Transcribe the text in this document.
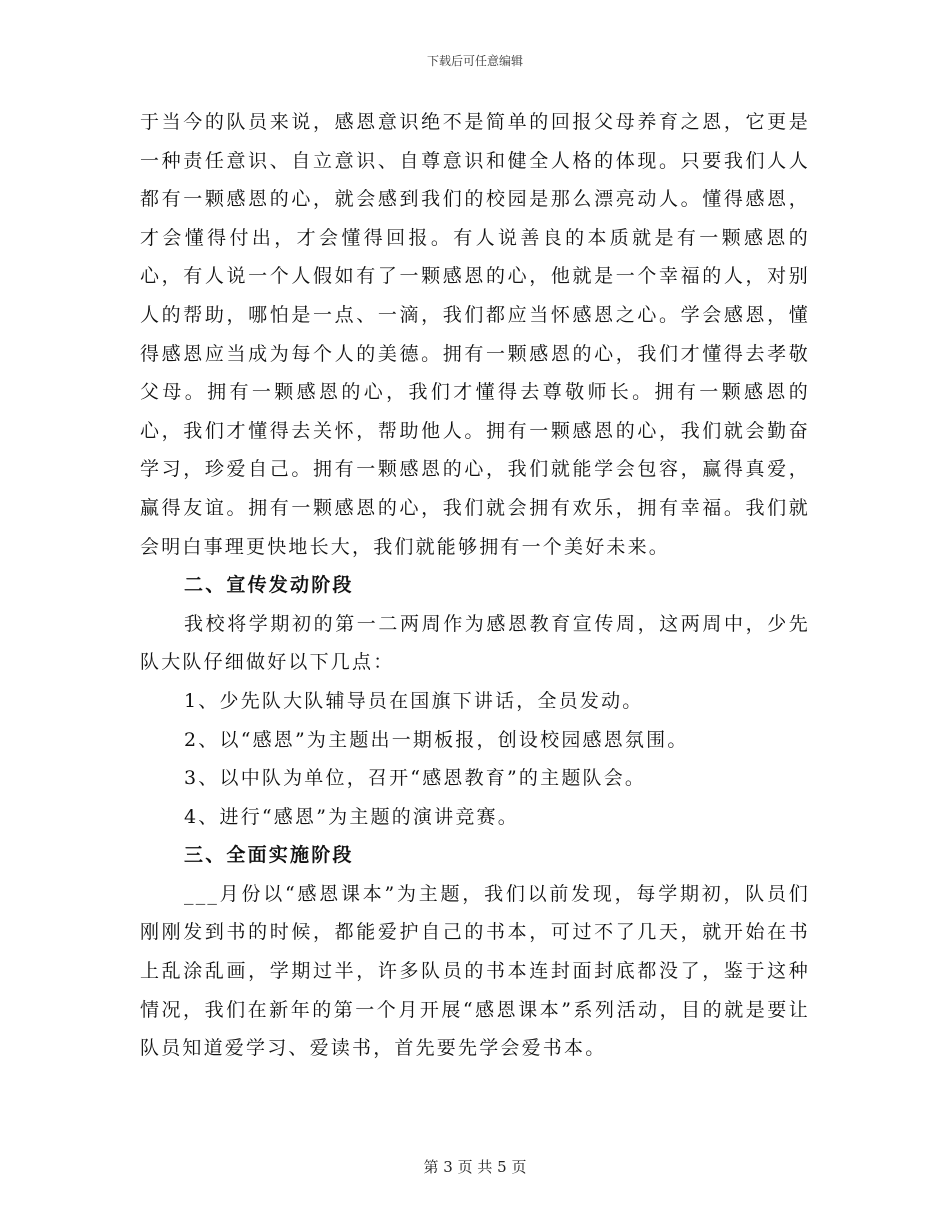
下载后可任意编辑

于当今的队员来说，感恩意识绝不是简单的回报父母养育之恩，它更是一种责任意识、自立意识、自尊意识和健全人格的体现。只要我们人人都有一颗感恩的心，就会感到我们的校园是那么漂亮动人。懂得感恩，才会懂得付出，才会懂得回报。有人说善良的本质就是有一颗感恩的心，有人说一个人假如有了一颗感恩的心，他就是一个幸福的人，对别人的帮助，哪怕是一点、一滴，我们都应当怀感恩之心。学会感恩，懂得感恩应当成为每个人的美德。拥有一颗感恩的心，我们才懂得去孝敬父母。拥有一颗感恩的心，我们才懂得去尊敬师长。拥有一颗感恩的心，我们才懂得去关怀，帮助他人。拥有一颗感恩的心，我们就会勤奋学习，珍爱自己。拥有一颗感恩的心，我们就能学会包容，赢得真爱，赢得友谊。拥有一颗感恩的心，我们就会拥有欢乐，拥有幸福。我们就会明白事理更快地长大，我们就能够拥有一个美好未来。

二、宣传发动阶段

我校将学期初的第一二两周作为感恩教育宣传周，这两周中，少先队大队仔细做好以下几点：

1、少先队大队辅导员在国旗下讲话，全员发动。

2、以“感恩”为主题出一期板报，创设校园感恩氛围。

3、以中队为单位，召开“感恩教育”的主题队会。

4、进行“感恩”为主题的演讲竞赛。

三、全面实施阶段

___月份以“感恩课本”为主题，我们以前发现，每学期初，队员们刚刚发到书的时候，都能爱护自己的书本，可过不了几天，就开始在书上乱涂乱画，学期过半，许多队员的书本连封面封底都没了，鉴于这种情况，我们在新年的第一个月开展“感恩课本”系列活动，目的就是要让队员知道爱学习、爱读书，首先要先学会爱书本。

第 3 页 共 5 页
